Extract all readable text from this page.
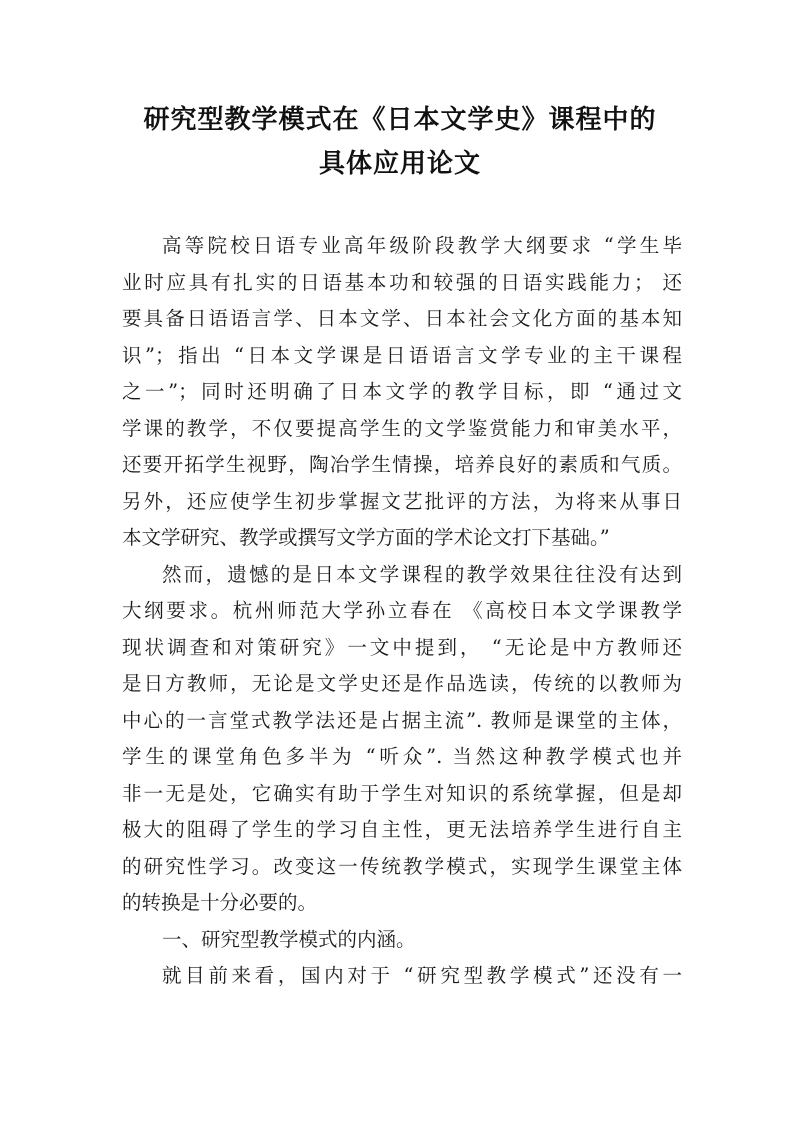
研究型教学模式在《日本文学史》课程中的
具体应用论文
高等院校日语专业高年级阶段教学大纲要求 “学生毕
业时应具有扎实的日语基本功和较强的日语实践能力； 还
要具备日语语言学、日本文学、日本社会文化方面的基本知
识”；指出 “日本文学课是日语语言文学专业的主干课程
之一”；同时还明确了日本文学的教学目标，即 “通过文
学课的教学，不仅要提高学生的文学鉴赏能力和审美水平，
还要开拓学生视野，陶冶学生情操，培养良好的素质和气质。
另外，还应使学生初步掌握文艺批评的方法，为将来从事日
本文学研究、教学或撰写文学方面的学术论文打下基础。”
然而，遗憾的是日本文学课程的教学效果往往没有达到
大纲要求。杭州师范大学孙立春在 《高校日本文学课教学
现状调查和对策研究》一文中提到， “无论是中方教师还
是日方教师，无论是文学史还是作品选读，传统的以教师为
中心的一言堂式教学法还是占据主流”. 教师是课堂的主体，
学生的课堂角色多半为 “听众”. 当然这种教学模式也并
非一无是处，它确实有助于学生对知识的系统掌握，但是却
极大的阻碍了学生的学习自主性，更无法培养学生进行自主
的研究性学习。改变这一传统教学模式，实现学生课堂主体
的转换是十分必要的。
一、研究型教学模式的内涵。
就目前来看，国内对于 “研究型教学模式”还没有一
